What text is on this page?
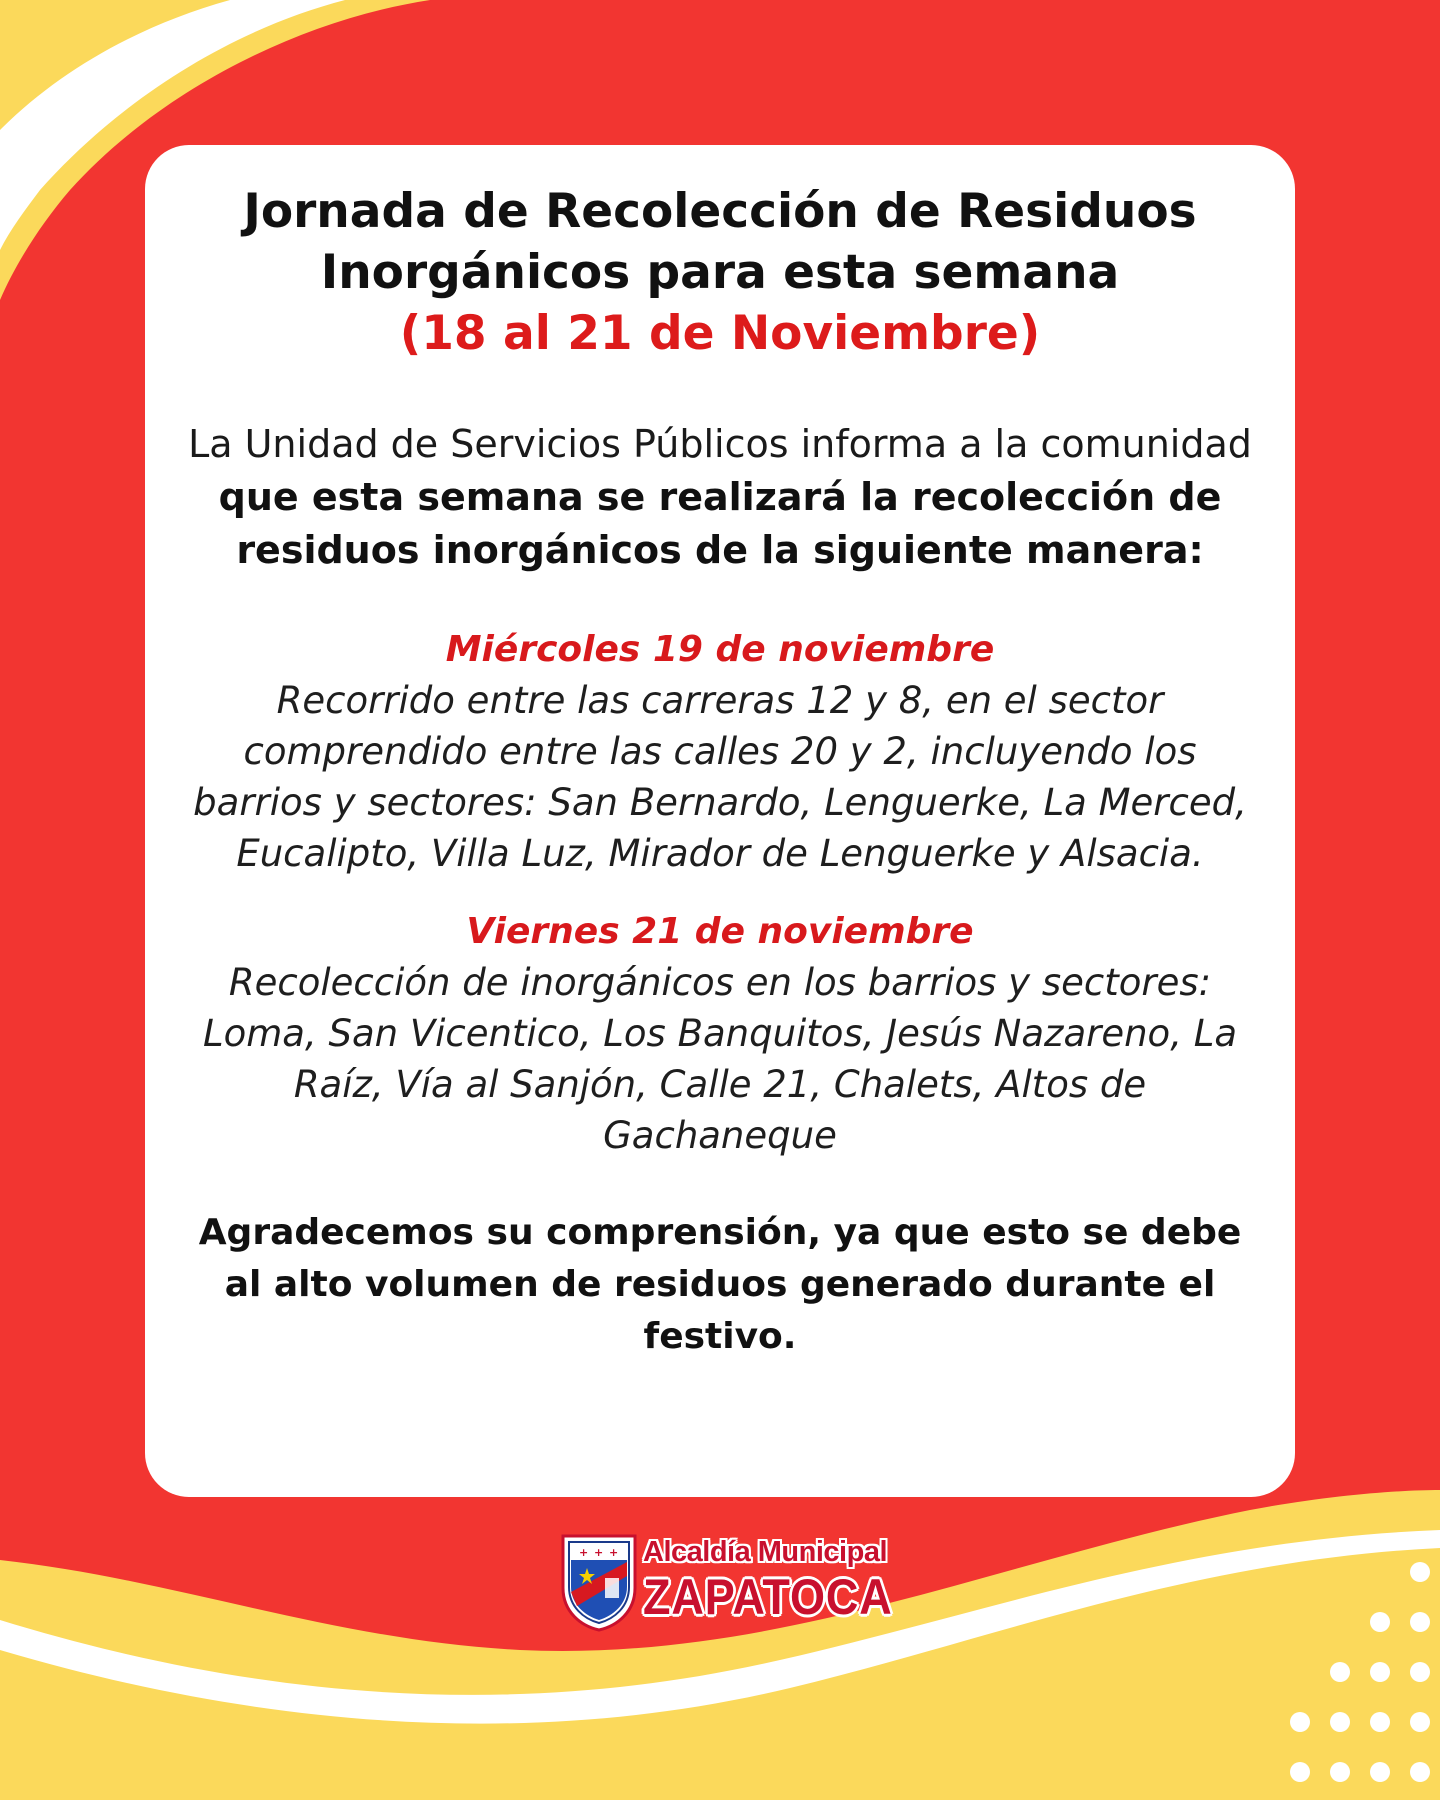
Jornada de Recolección de Residuos
Inorgánicos para esta semana
(18 al 21 de Noviembre)
La Unidad de Servicios Públicos informa a la comunidad que esta semana se realizará la recolección de residuos inorgánicos de la siguiente manera:
Miércoles 19 de noviembre
Recorrido entre las carreras 12 y 8, en el sector comprendido entre las calles 20 y 2, incluyendo los barrios y sectores: San Bernardo, Lenguerke, La Merced, Eucalipto, Villa Luz, Mirador de Lenguerke y Alsacia.
Viernes 21 de noviembre
Recolección de inorgánicos en los barrios y sectores: Loma, San Vicentico, Los Banquitos, Jesús Nazareno, La Raíz, Vía al Sanjón, Calle 21, Chalets, Altos de Gachaneque
Agradecemos su comprensión, ya que esto se debe al alto volumen de residuos generado durante el festivo.
+ + + Alcaldía Municipal
ZAPATOCA
